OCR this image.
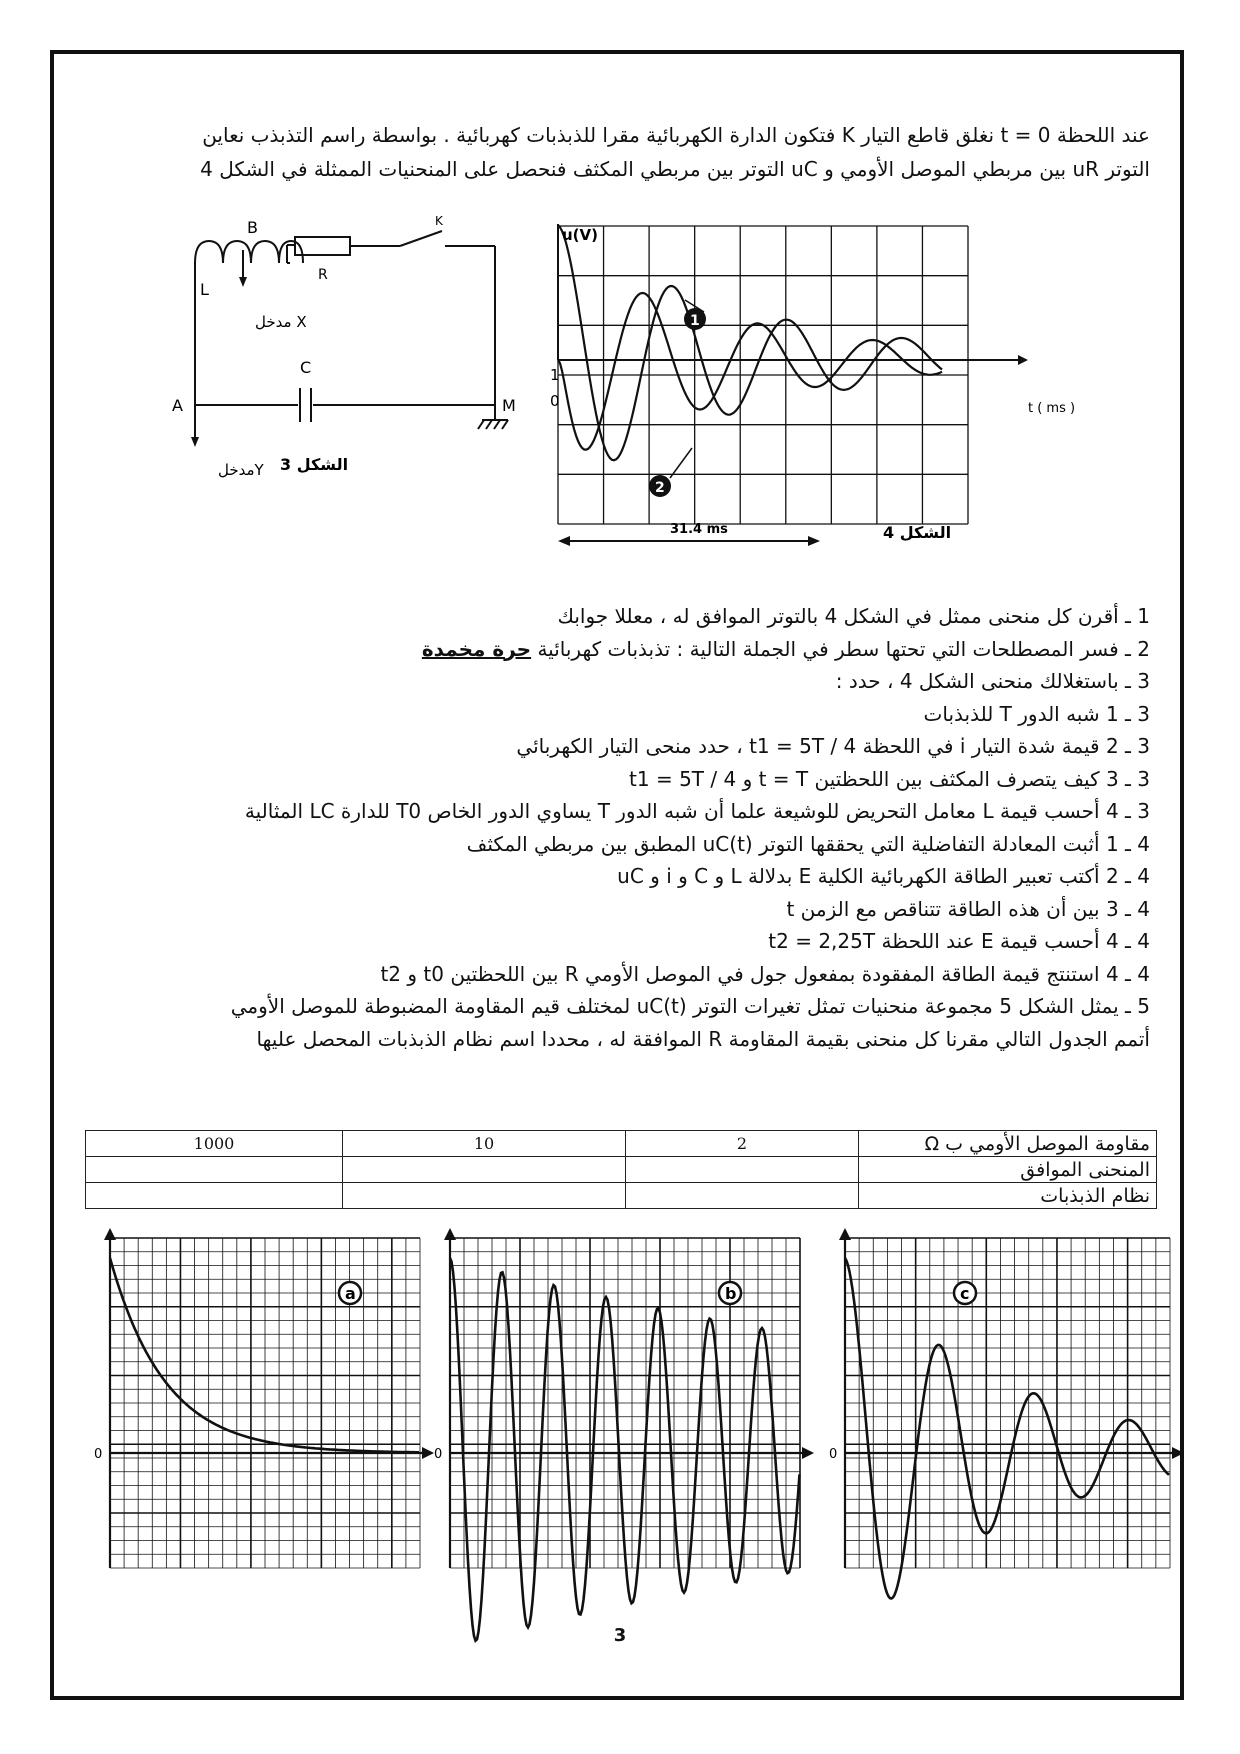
عند اللحظة t = 0 نغلق قاطع التيار K فتكون الدارة الكهربائية مقرا للذبذبات كهربائية . بواسطة راسم التذبذب نعاين

التوتر uR بين مربطي الموصل الأومي و uC التوتر بين مربطي المكثف فنحصل على المنحنيات الممثلة في الشكل 4

L
B
R
K
مدخل X
C
A	M
مدخلY الشكل 3
u(V)
t ( ms )
1
0
1
2
31.4 ms	الشكل 4
1 ـ أقرن كل منحنى ممثل في الشكل 4 بالتوتر الموافق له ، معللا جوابك
2 ـ فسر المصطلحات التي تحتها سطر في الجملة التالية : تذبذبات كهربائية حرة مخمدة
3 ـ باستغلالك منحنى الشكل 4 ، حدد :
3 ـ 1 شبه الدور T للذبذبات
3 ـ 2 قيمة شدة التيار i في اللحظة t1 = 5T / 4 ، حدد منحى التيار الكهربائي
3 ـ 3 كيف يتصرف المكثف بين اللحظتين t = T و t1 = 5T / 4
3 ـ 4 أحسب قيمة L معامل التحريض للوشيعة علما أن شبه الدور T يساوي الدور الخاص T0 للدارة LC المثالية
4 ـ 1 أثبت المعادلة التفاضلية التي يحققها التوتر uC(t) المطبق بين مربطي المكثف
4 ـ 2 أكتب تعبير الطاقة الكهربائية الكلية E بدلالة L و C و i و uC
4 ـ 3 بين أن هذه الطاقة تتناقص مع الزمن t
4 ـ 4 أحسب قيمة E عند اللحظة t2 = 2,25T
4 ـ 4 استنتج قيمة الطاقة المفقودة بمفعول جول في الموصل الأومي R بين اللحظتين t0 و t2
5 ـ يمثل الشكل 5 مجموعة منحنيات تمثل تغيرات التوتر uC(t) لمختلف قيم المقاومة المضبوطة للموصل الأومي
أتمم الجدول التالي مقرنا كل منحنى بقيمة المقاومة R الموافقة له ، محددا اسم نظام الذبذبات المحصل عليها
مقاومة الموصل الأومي ب Ω	2	10	1000
المنحنى الموافق			
نظام الذبذبات			
0
a
0
b
0
c
3
